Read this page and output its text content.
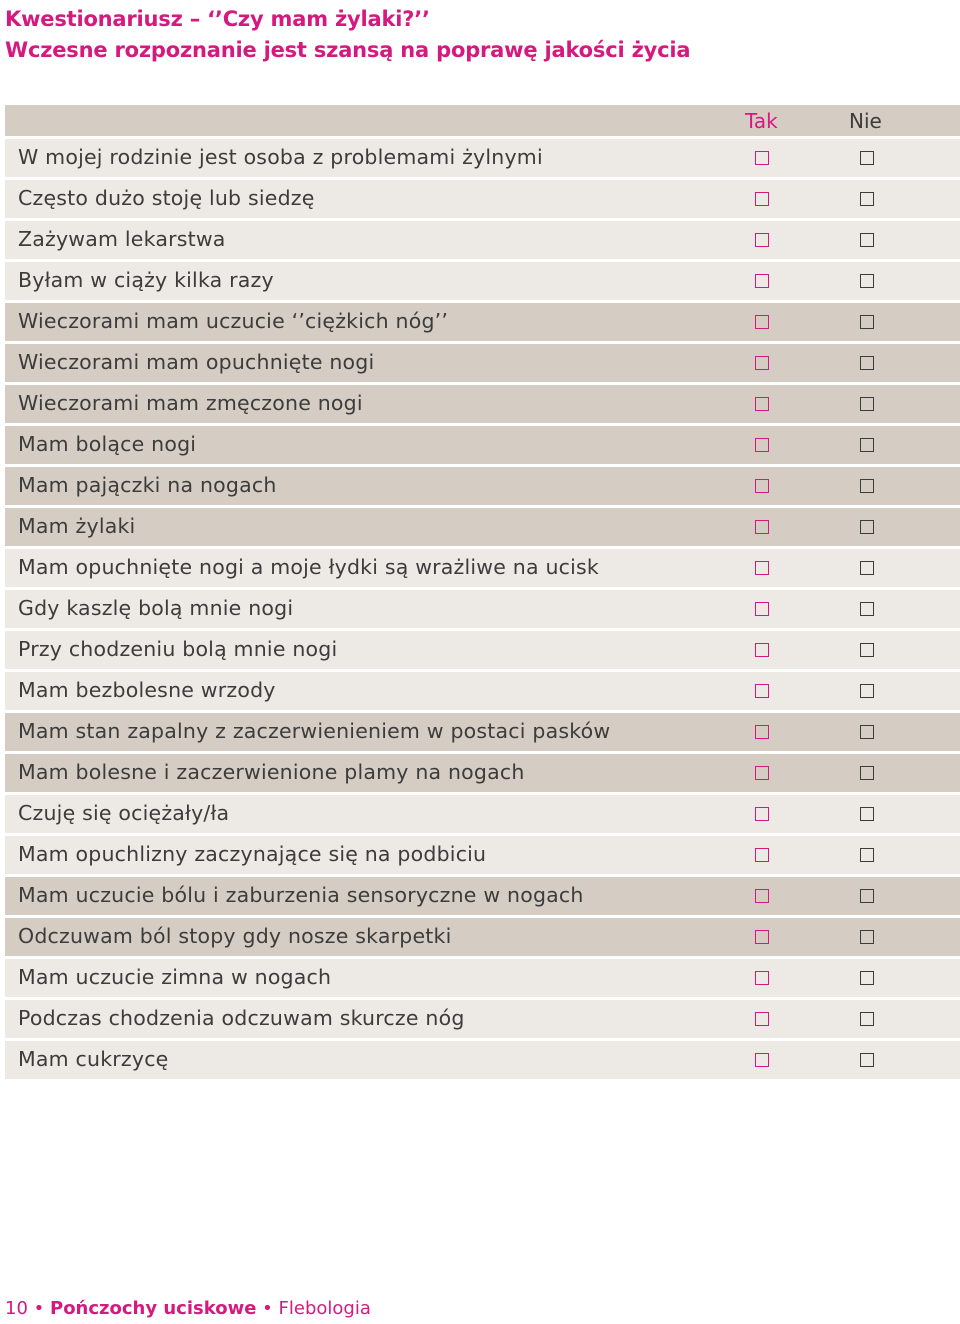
Kwestionariusz – ‘’Czy mam żylaki?’’
Wczesne rozpoznanie jest szansą na poprawę jakości życia
Tak	Nie
W mojej rodzinie jest osoba z problemami żylnymi
Często dużo stoję lub siedzę
Zażywam lekarstwa
Byłam w ciąży kilka razy
Wieczorami mam uczucie ‘’ciężkich nóg’’
Wieczorami mam opuchnięte nogi
Wieczorami mam zmęczone nogi
Mam bolące nogi
Mam pajączki na nogach
Mam żylaki
Mam opuchnięte nogi a moje łydki są wrażliwe na ucisk
Gdy kaszlę bolą mnie nogi
Przy chodzeniu bolą mnie nogi
Mam bezbolesne wrzody
Mam stan zapalny z zaczerwienieniem w postaci pasków
Mam bolesne i zaczerwienione plamy na nogach
Czuję się ociężały/ła
Mam opuchlizny zaczynające się na podbiciu
Mam uczucie bólu i zaburzenia sensoryczne w nogach
Odczuwam ból stopy gdy nosze skarpetki
Mam uczucie zimna w nogach
Podczas chodzenia odczuwam skurcze nóg
Mam cukrzycę
10 • Pończochy uciskowe • Flebologia
